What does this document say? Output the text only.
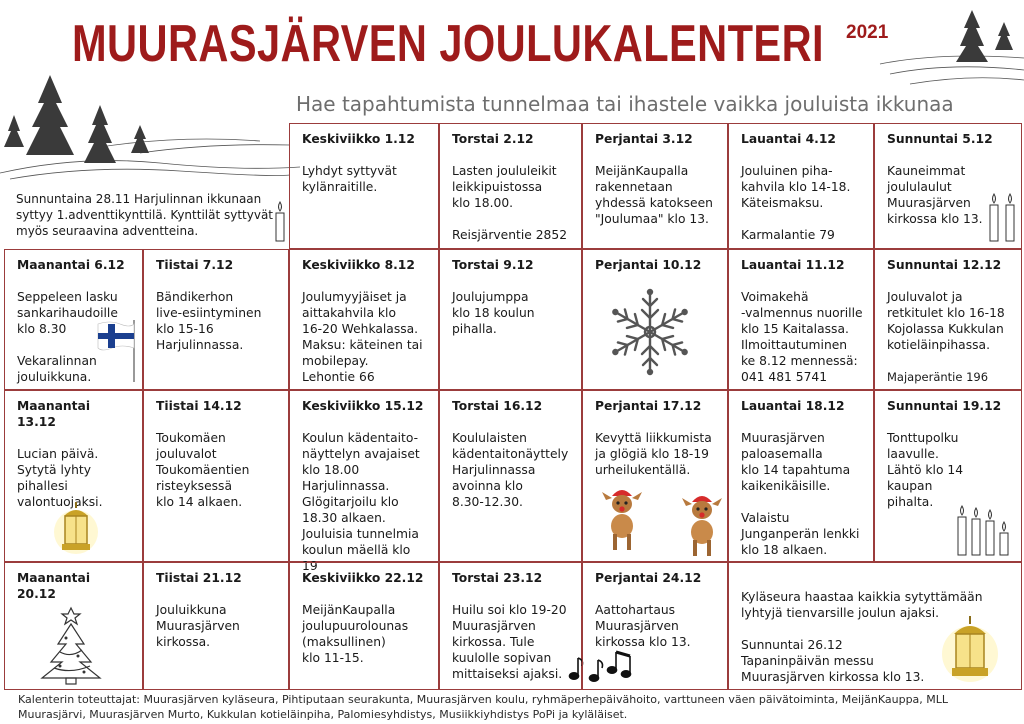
MUURASJÄRVEN JOULUKALENTERI 2021
Hae tapahtumista tunnelmaa tai ihastele vaikka jouluista ikkunaa
Sunnuntaina 28.11 Harjulinnan ikkunaan syttyy 1.adventtikynttilä. Kynttilät syttyvät myös seuraavina adventteina.
Keskiviikko 1.12

Lyhdyt syttyvät
kylänraitille.

Torstai 2.12

Lasten joululeikit
leikkipuistossa
klo 18.00.

Reisjärventie 2852

Perjantai 3.12

MeijänKaupalla
rakennetaan
yhdessä katokseen
"Joulumaa" klo 13.

Lauantai 4.12

Jouluinen piha-
kahvila klo 14-18.
Käteismaksu.

Karmalantie 79

Sunnuntai 5.12

Kauneimmat
joululaulut
Muurasjärven
kirkossa klo 13.

Maanantai 6.12

Seppeleen lasku
sankarihaudoille
klo 8.30

Vekaralinnan
jouluikkuna.

Tiistai 7.12

Bändikerhon
live-esiintyminen
klo 15-16
Harjulinnassa.

Keskiviikko 8.12

Joulumyyjäiset ja
aittakahvila klo
16-20 Wehkalassa.
Maksu: käteinen tai
mobilepay.
Lehontie 66

Torstai 9.12

Joulujumppa
klo 18 koulun
pihalla.

Perjantai 10.12	Lauantai 11.12

Voimakehä
-valmennus nuorille
klo 15 Kaitalassa.
Ilmoittautuminen
ke 8.12 mennessä:
041 481 5741

Sunnuntai 12.12

Jouluvalot ja
retkitulet klo 16-18
Kojolassa Kukkulan
kotieläinpihassa.

Majaperäntie 196

Maanantai 13.12

Lucian päivä.
Sytytä lyhty
pihallesi
valontuojaksi.

Tiistai 14.12

Toukomäen
jouluvalot
Toukomäentien
risteyksessä
klo 14 alkaen.

Keskiviikko 15.12

Koulun kädentaito-
näyttelyn avajaiset
klo 18.00
Harjulinnassa.
Glögitarjoilu klo
18.30 alkaen.
Jouluisia tunnelmia
koulun mäellä klo 19

Torstai 16.12

Koululaisten
kädentaitonäyttely
Harjulinnassa
avoinna klo
8.30-12.30.

Perjantai 17.12

Kevyttä liikkumista
ja glögiä klo 18-19
urheilukentällä.

Lauantai 18.12

Muurasjärven
paloasemalla
klo 14 tapahtuma
kaikenikäisille.

Valaistu
Junganperän lenkki
klo 18 alkaen.

Sunnuntai 19.12

Tonttupolku
laavulle.
Lähtö klo 14 kaupan
pihalta.

Maanantai 20.12
Tiistai 21.12

Jouluikkuna
Muurasjärven
kirkossa.

Keskiviikko 22.12

MeijänKaupalla
joulupuurolounas
(maksullinen)
klo 11-15.

Torstai 23.12

Huilu soi klo 19-20
Muurasjärven
kirkossa. Tule
kuulolle sopivan
mittaiseksi ajaksi.

Perjantai 24.12

Aattohartaus
Muurasjärven
kirkossa klo 13.

Kyläseura haastaa kaikkia sytyttämään
lyhtyjä tienvarsille joulun ajaksi.

Sunnuntai 26.12
Tapaninpäivän messu
Muurasjärven kirkossa klo 13.

Kalenterin toteuttajat: Muurasjärven kyläseura, Pihtiputaan seurakunta, Muurasjärven koulu, ryhmäperhepäivähoito, varttuneen väen päivätoiminta, MeijänKauppa, MLL Muurasjärvi, Muurasjärven Murto, Kukkulan kotieläinpiha, Palomiesyhdistys, Musiikkiyhdistys PoPi ja kyläläiset.
